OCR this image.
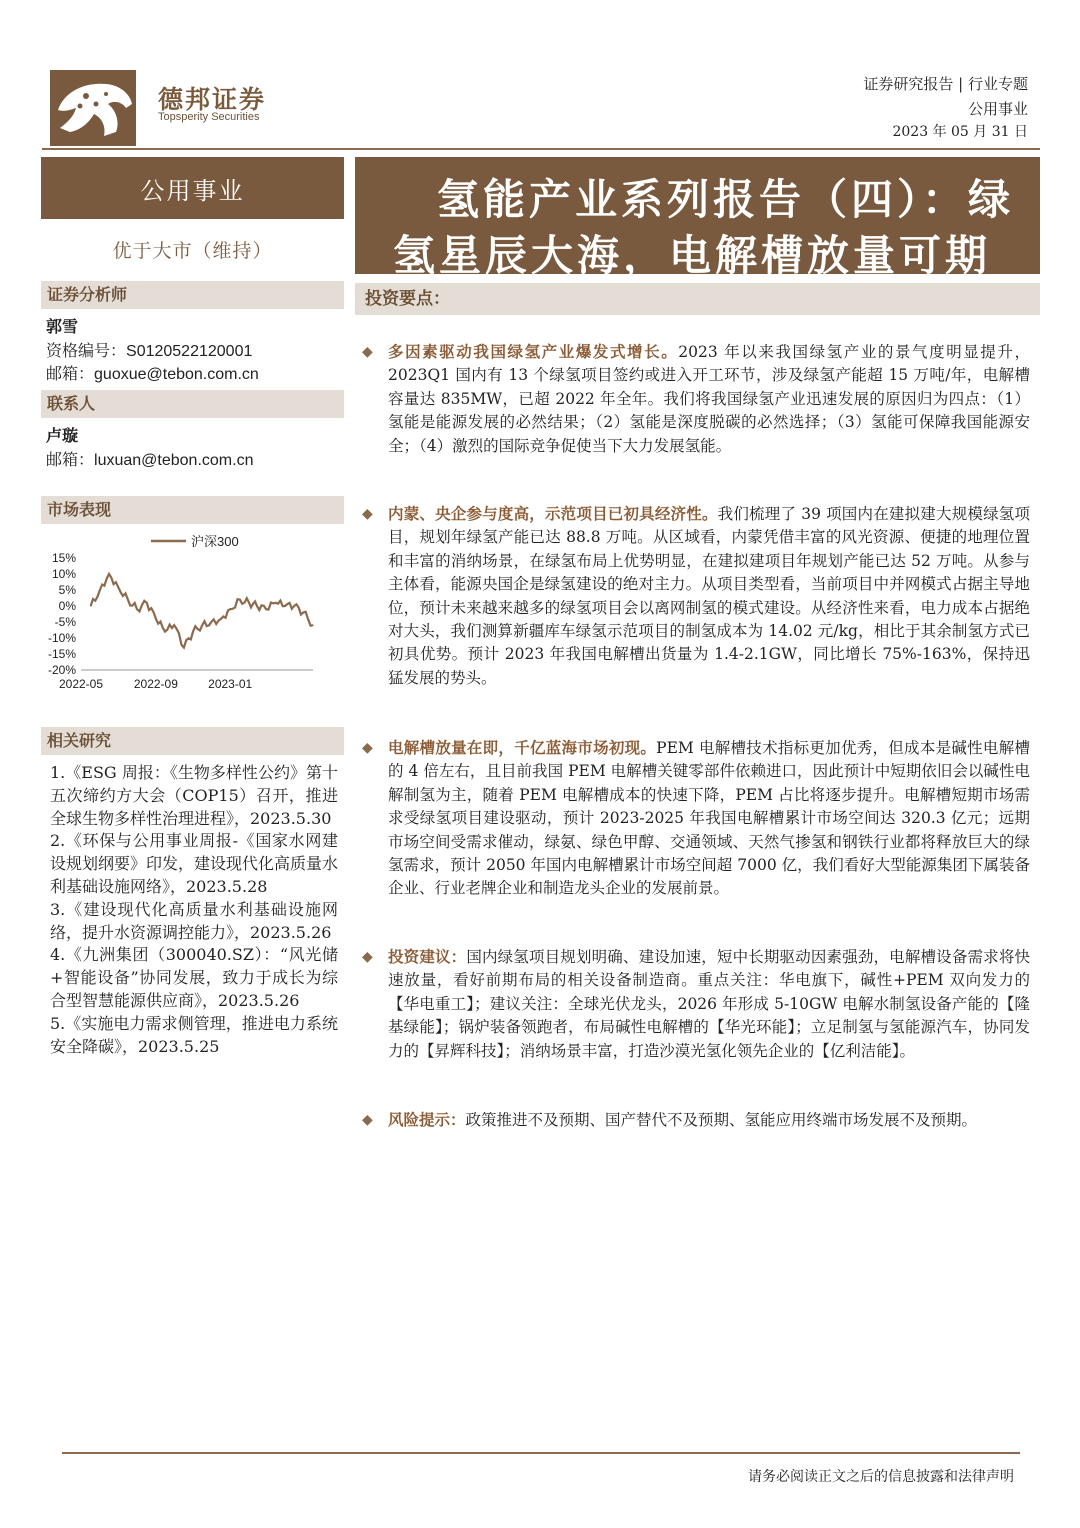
德邦证券
Topsperity Securities
证券研究报告 | 行业专题
公用事业
2023 年 05 月 31 日
公用事业
优于大市（维持）
证券分析师
郭雪
资格编号：S0120522120001
邮箱：guoxue@tebon.com.cn
联系人
卢璇
邮箱：luxuan@tebon.com.cn
市场表现
15%
10%
5%
0%
-5%
-10%
-15%
-20%
2022-05	2022-09	2023-01
沪深300
相关研究
1.《ESG 周报：《生物多样性公约》第十五次缔约方大会（COP15）召开，推进全球生物多样性治理进程》，2023.5.30
2.《环保与公用事业周报-《国家水网建设规划纲要》印发，建设现代化高质量水利基础设施网络》，2023.5.28
3.《建设现代化高质量水利基础设施网络，提升水资源调控能力》，2023.5.26
4.《九洲集团（300040.SZ）：“风光储+智能设备”协同发展，致力于成长为综合型智慧能源供应商》，2023.5.26
5.《实施电力需求侧管理，推进电力系统安全降碳》，2023.5.25
氢能产业系列报告（四）：绿
氢星辰大海，电解槽放量可期
投资要点：
◆ 多因素驱动我国绿氢产业爆发式增长。2023 年以来我国绿氢产业的景气度明显提升，2023Q1 国内有 13 个绿氢项目签约或进入开工环节，涉及绿氢产能超 15 万吨/年，电解槽容量达 835MW，已超 2022 年全年。我们将我国绿氢产业迅速发展的原因归为四点：（1）氢能是能源发展的必然结果；（2）氢能是深度脱碳的必然选择；（3）氢能可保障我国能源安全；（4）激烈的国际竞争促使当下大力发展氢能。
◆ 内蒙、央企参与度高，示范项目已初具经济性。我们梳理了 39 项国内在建拟建大规模绿氢项目，规划年绿氢产能已达 88.8 万吨。从区域看，内蒙凭借丰富的风光资源、便捷的地理位置和丰富的消纳场景，在绿氢布局上优势明显，在建拟建项目年规划产能已达 52 万吨。从参与主体看，能源央国企是绿氢建设的绝对主力。从项目类型看，当前项目中并网模式占据主导地位，预计未来越来越多的绿氢项目会以离网制氢的模式建设。从经济性来看，电力成本占据绝对大头，我们测算新疆库车绿氢示范项目的制氢成本为 14.02 元/kg，相比于其余制氢方式已初具优势。预计 2023 年我国电解槽出货量为 1.4-2.1GW，同比增长 75%-163%，保持迅猛发展的势头。
◆ 电解槽放量在即，千亿蓝海市场初现。PEM 电解槽技术指标更加优秀，但成本是碱性电解槽的 4 倍左右，且目前我国 PEM 电解槽关键零部件依赖进口，因此预计中短期依旧会以碱性电解制氢为主，随着 PEM 电解槽成本的快速下降，PEM 占比将逐步提升。电解槽短期市场需求受绿氢项目建设驱动，预计 2023-2025 年我国电解槽累计市场空间达 320.3 亿元；远期市场空间受需求催动，绿氨、绿色甲醇、交通领域、天然气掺氢和钢铁行业都将释放巨大的绿氢需求，预计 2050 年国内电解槽累计市场空间超 7000 亿，我们看好大型能源集团下属装备企业、行业老牌企业和制造龙头企业的发展前景。
◆ 投资建议：国内绿氢项目规划明确、建设加速，短中长期驱动因素强劲，电解槽设备需求将快速放量，看好前期布局的相关设备制造商。重点关注：华电旗下，碱性+PEM 双向发力的【华电重工】；建议关注：全球光伏龙头，2026 年形成 5-10GW 电解水制氢设备产能的【隆基绿能】；锅炉装备领跑者，布局碱性电解槽的【华光环能】；立足制氢与氢能源汽车，协同发力的【昇辉科技】；消纳场景丰富，打造沙漠光氢化领先企业的【亿利洁能】。
◆ 风险提示：政策推进不及预期、国产替代不及预期、氢能应用终端市场发展不及预期。
请务必阅读正文之后的信息披露和法律声明
